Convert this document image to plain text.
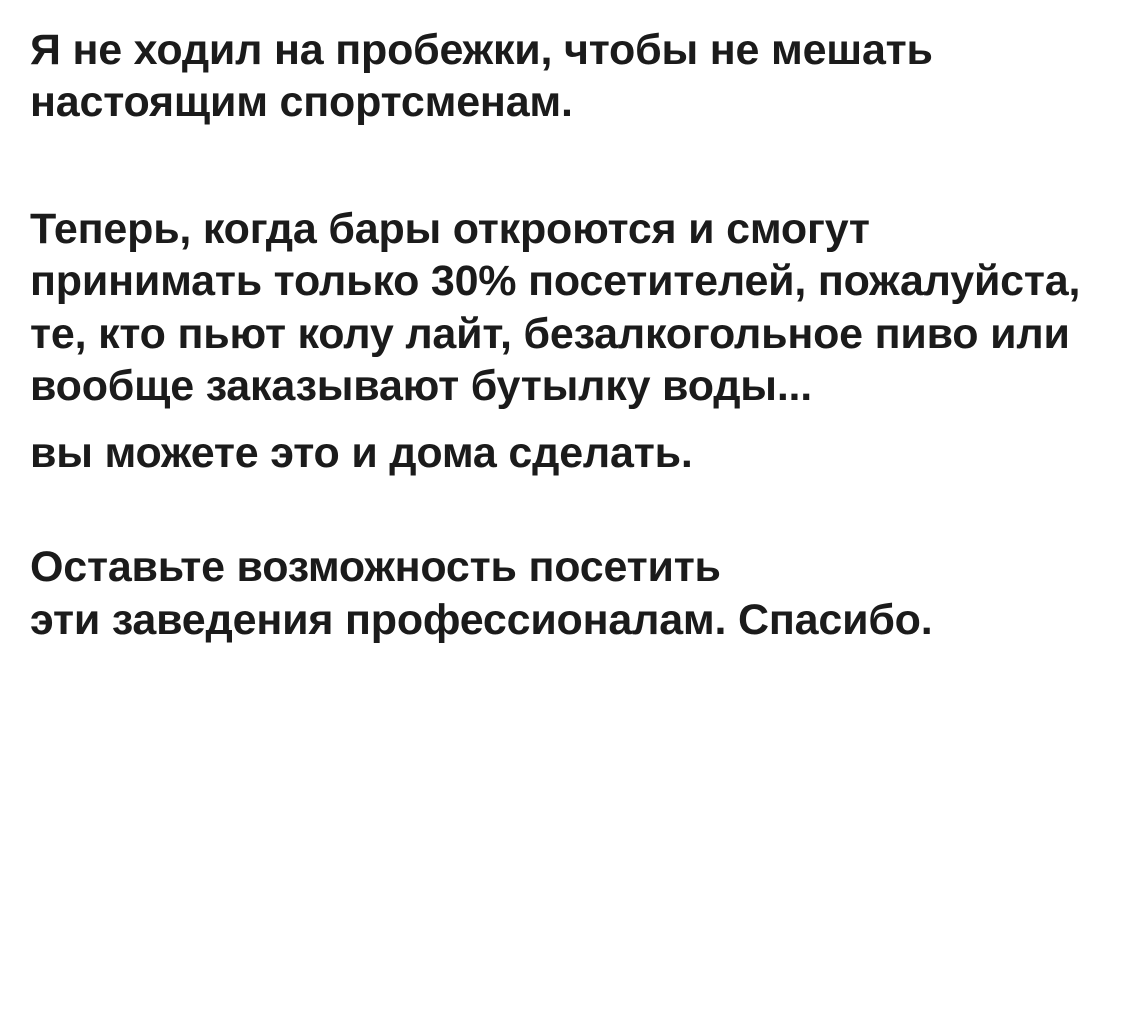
Я не ходил на пробежки, чтобы не мешать настоящим спортсменам.

Теперь, когда бары откроются и смогут принимать только 30% посетителей, пожалуйста, те, кто пьют колу лайт, безалкогольное пиво или вообще заказывают бутылку воды...

вы можете это и дома сделать.

Оставьте возможность посетить

эти заведения профессионалам. Спасибо.
